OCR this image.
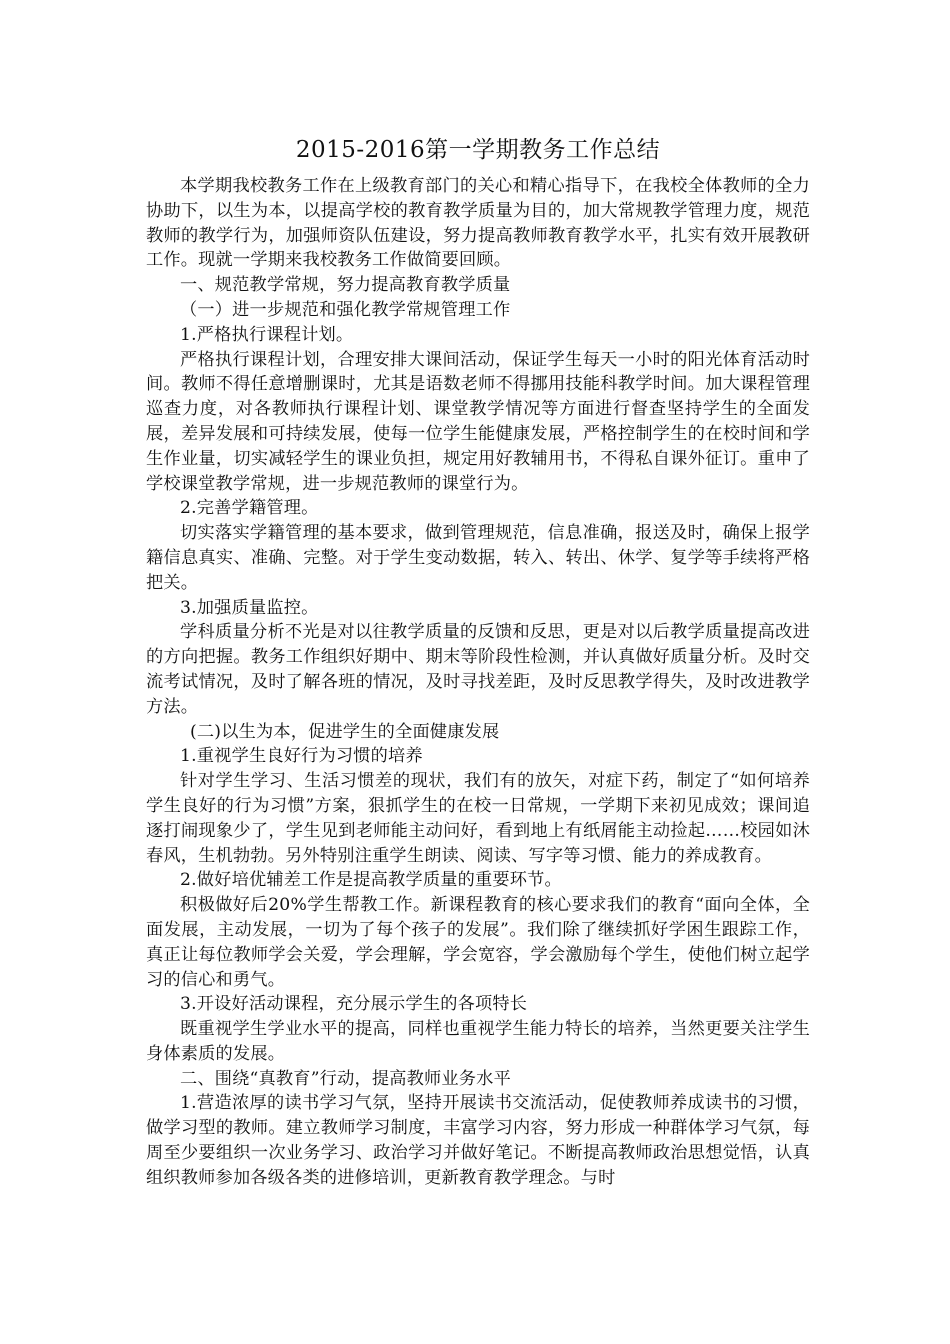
2015-2016第一学期教务工作总结

本学期我校教务工作在上级教育部门的关心和精心指导下，在我校全体教师的全力协助下，以生为本，以提高学校的教育教学质量为目的，加大常规教学管理力度，规范教师的教学行为，加强师资队伍建设，努力提高教师教育教学水平，扎实有效开展教研工作。现就一学期来我校教务工作做简要回顾。

一、规范教学常规，努力提高教育教学质量

（一）进一步规范和强化教学常规管理工作

1.严格执行课程计划。

严格执行课程计划，合理安排大课间活动，保证学生每天一小时的阳光体育活动时间。教师不得任意增删课时，尤其是语数老师不得挪用技能科教学时间。加大课程管理巡查力度，对各教师执行课程计划、课堂教学情况等方面进行督查坚持学生的全面发展，差异发展和可持续发展，使每一位学生能健康发展，严格控制学生的在校时间和学生作业量，切实减轻学生的课业负担，规定用好教辅用书，不得私自课外征订。重申了学校课堂教学常规，进一步规范教师的课堂行为。

2.完善学籍管理。

切实落实学籍管理的基本要求，做到管理规范，信息准确，报送及时，确保上报学籍信息真实、准确、完整。对于学生变动数据，转入、转出、休学、复学等手续将严格把关。

3.加强质量监控。

学科质量分析不光是对以往教学质量的反馈和反思，更是对以后教学质量提高改进的方向把握。教务工作组织好期中、期末等阶段性检测，并认真做好质量分析。及时交流考试情况，及时了解各班的情况，及时寻找差距，及时反思教学得失，及时改进教学方法。

(二)以生为本，促进学生的全面健康发展

1.重视学生良好行为习惯的培养

针对学生学习、生活习惯差的现状，我们有的放矢，对症下药，制定了“如何培养学生良好的行为习惯”方案，狠抓学生的在校一日常规，一学期下来初见成效；课间追逐打闹现象少了，学生见到老师能主动问好，看到地上有纸屑能主动捡起……校园如沐春风，生机勃勃。另外特别注重学生朗读、阅读、写字等习惯、能力的养成教育。

2.做好培优辅差工作是提高教学质量的重要环节。

积极做好后20%学生帮教工作。新课程教育的核心要求我们的教育“面向全体，全面发展，主动发展，一切为了每个孩子的发展”。我们除了继续抓好学困生跟踪工作，真正让每位教师学会关爱，学会理解，学会宽容，学会激励每个学生，使他们树立起学习的信心和勇气。

3.开设好活动课程，充分展示学生的各项特长

既重视学生学业水平的提高，同样也重视学生能力特长的培养，当然更要关注学生身体素质的发展。

二、围绕“真教育”行动，提高教师业务水平

1.营造浓厚的读书学习气氛，坚持开展读书交流活动，促使教师养成读书的习惯，做学习型的教师。建立教师学习制度，丰富学习内容，努力形成一种群体学习气氛，每周至少要组织一次业务学习、政治学习并做好笔记。不断提高教师政治思想觉悟，认真组织教师参加各级各类的进修培训，更新教育教学理念。与时
